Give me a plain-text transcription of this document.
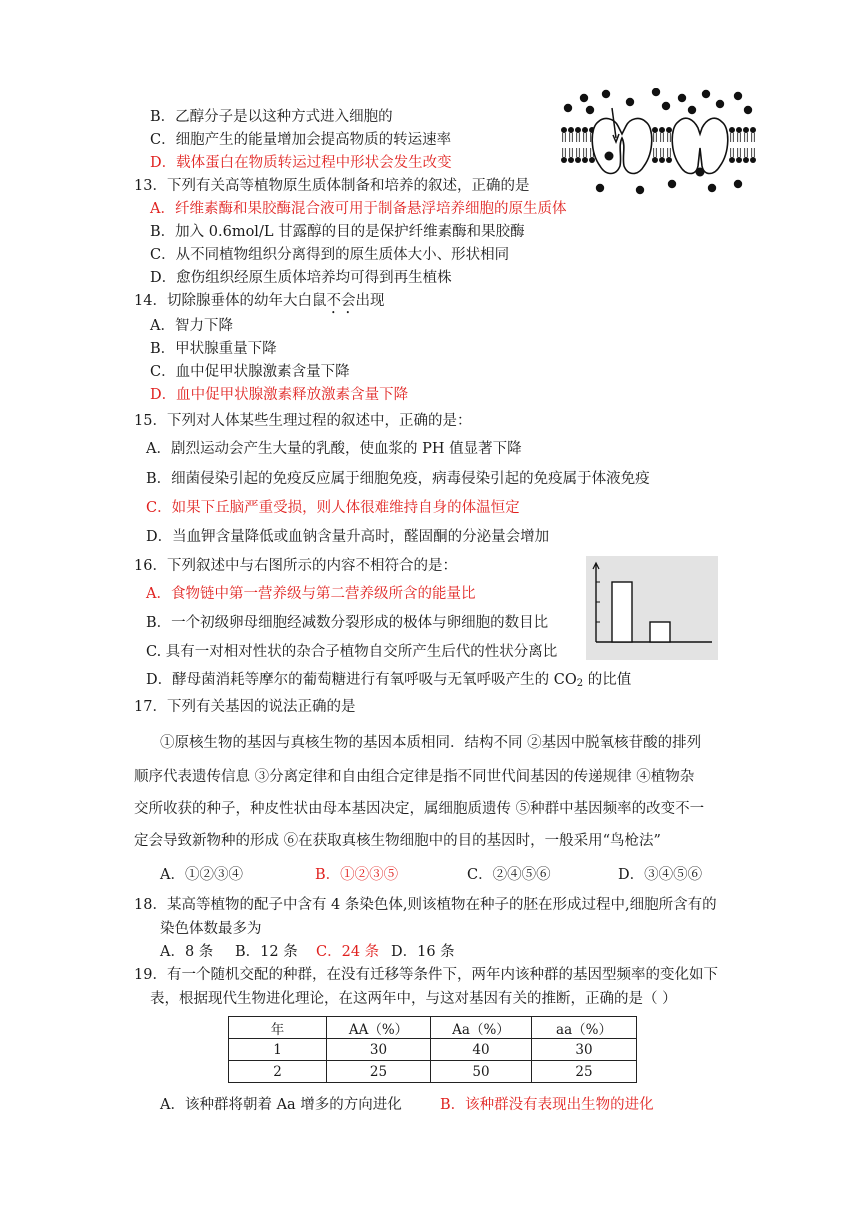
B．乙醇分子是以这种方式进入细胞的
C．细胞产生的能量增加会提高物质的转运速率
D．载体蛋白在物质转运过程中形状会发生改变
13．下列有关高等植物原生质体制备和培养的叙述，正确的是
A．纤维素酶和果胶酶混合液可用于制备悬浮培养细胞的原生质体
B．加入 0.6mol/L 甘露醇的目的是保护纤维素酶和果胶酶
C．从不同植物组织分离得到的原生质体大小、形状相同
D．愈伤组织经原生质体培养均可得到再生植株
14．切除腺垂体的幼年大白鼠不会出现
A．智力下降
B．甲状腺重量下降
C．血中促甲状腺激素含量下降
D．血中促甲状腺激素释放激素含量下降
15．下列对人体某些生理过程的叙述中，正确的是：
A．剧烈运动会产生大量的乳酸，使血浆的 PH 值显著下降
B．细菌侵染引起的免疫反应属于细胞免疫，病毒侵染引起的免疫属于体液免疫
C．如果下丘脑严重受损，则人体很难维持自身的体温恒定
D．当血钾含量降低或血钠含量升高时，醛固酮的分泌量会增加
16．下列叙述中与右图所示的内容不相符合的是：
A．食物链中第一营养级与第二营养级所含的能量比
B．一个初级卵母细胞经减数分裂形成的极体与卵细胞的数目比
C. 具有一对相对性状的杂合子植物自交所产生后代的性状分离比
D．酵母菌消耗等摩尔的葡萄糖进行有氧呼吸与无氧呼吸产生的 $CO_2$ 的比值
17．下列有关基因的说法正确的是
①原核生物的基因与真核生物的基因本质相同．结构不同 ②基因中脱氧核苷酸的排列
顺序代表遗传信息 ③分离定律和自由组合定律是指不同世代间基因的传递规律 ④植物杂
交所收获的种子，种皮性状由母本基因决定，属细胞质遗传 ⑤种群中基因频率的改变不一
定会导致新物种的形成 ⑥在获取真核生物细胞中的目的基因时，一般采用“鸟枪法”
A．①②③④	B．①②③⑤	C．②④⑤⑥	D．③④⑤⑥
18．某高等植物的配子中含有 4 条染色体,则该植物在种子的胚在形成过程中,细胞所含有的
染色体数最多为
A．8 条 B．12 条 C．24 条 D．16 条
19．有一个随机交配的种群，在没有迁移等条件下，两年内该种群的基因型频率的变化如下
表，根据现代生物进化理论，在这两年中，与这对基因有关的推断，正确的是（ ）
年	AA（%）	Aa（%）	aa（%）
1	30	40	30
2	25	50	25
A．该种群将朝着 Aa 增多的方向进化	B．该种群没有表现出生物的进化
